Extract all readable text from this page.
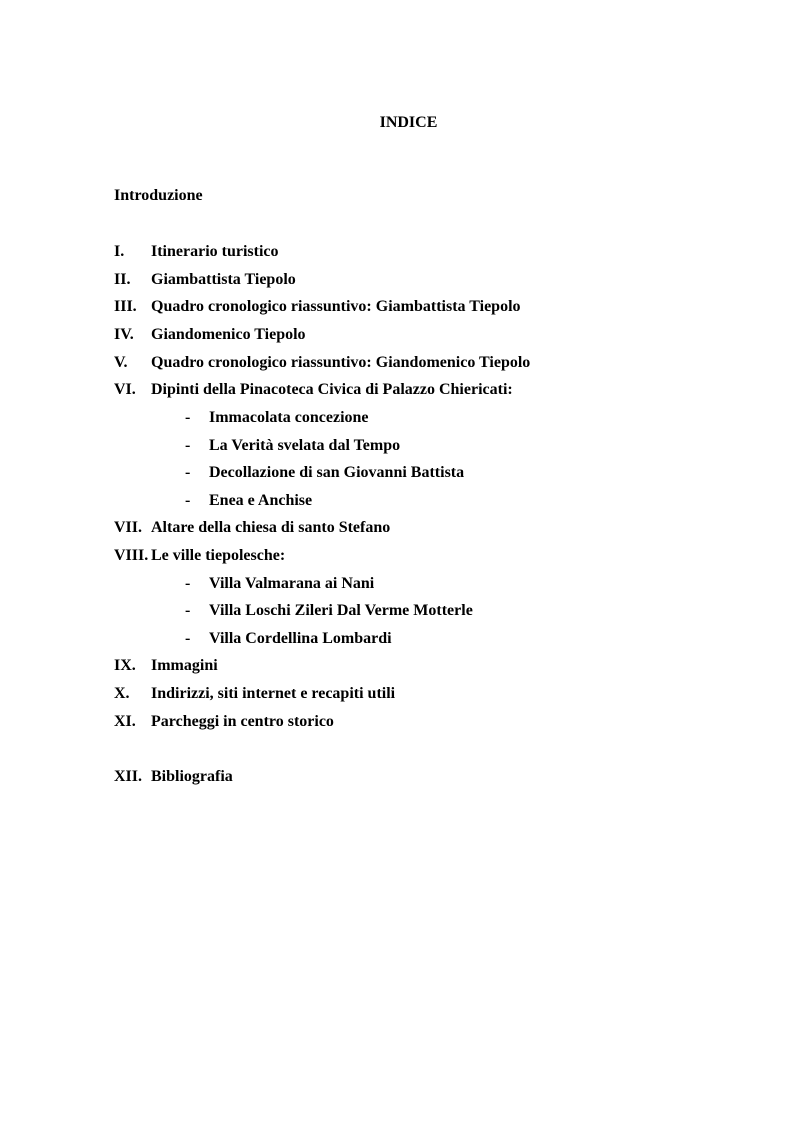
INDICE
Introduzione
I. Itinerario turistico
II. Giambattista Tiepolo
III. Quadro cronologico riassuntivo: Giambattista Tiepolo
IV. Giandomenico Tiepolo
V. Quadro cronologico riassuntivo: Giandomenico Tiepolo
VI. Dipinti della Pinacoteca Civica di Palazzo Chiericati:
- Immacolata concezione
- La Verità svelata dal Tempo
- Decollazione di san Giovanni Battista
- Enea e Anchise
VII. Altare della chiesa di santo Stefano
VIII. Le ville tiepolesche:
- Villa Valmarana ai Nani
- Villa Loschi Zileri Dal Verme Motterle
- Villa Cordellina Lombardi
IX. Immagini
X. Indirizzi, siti internet e recapiti utili
XI. Parcheggi in centro storico
XII. Bibliografia
